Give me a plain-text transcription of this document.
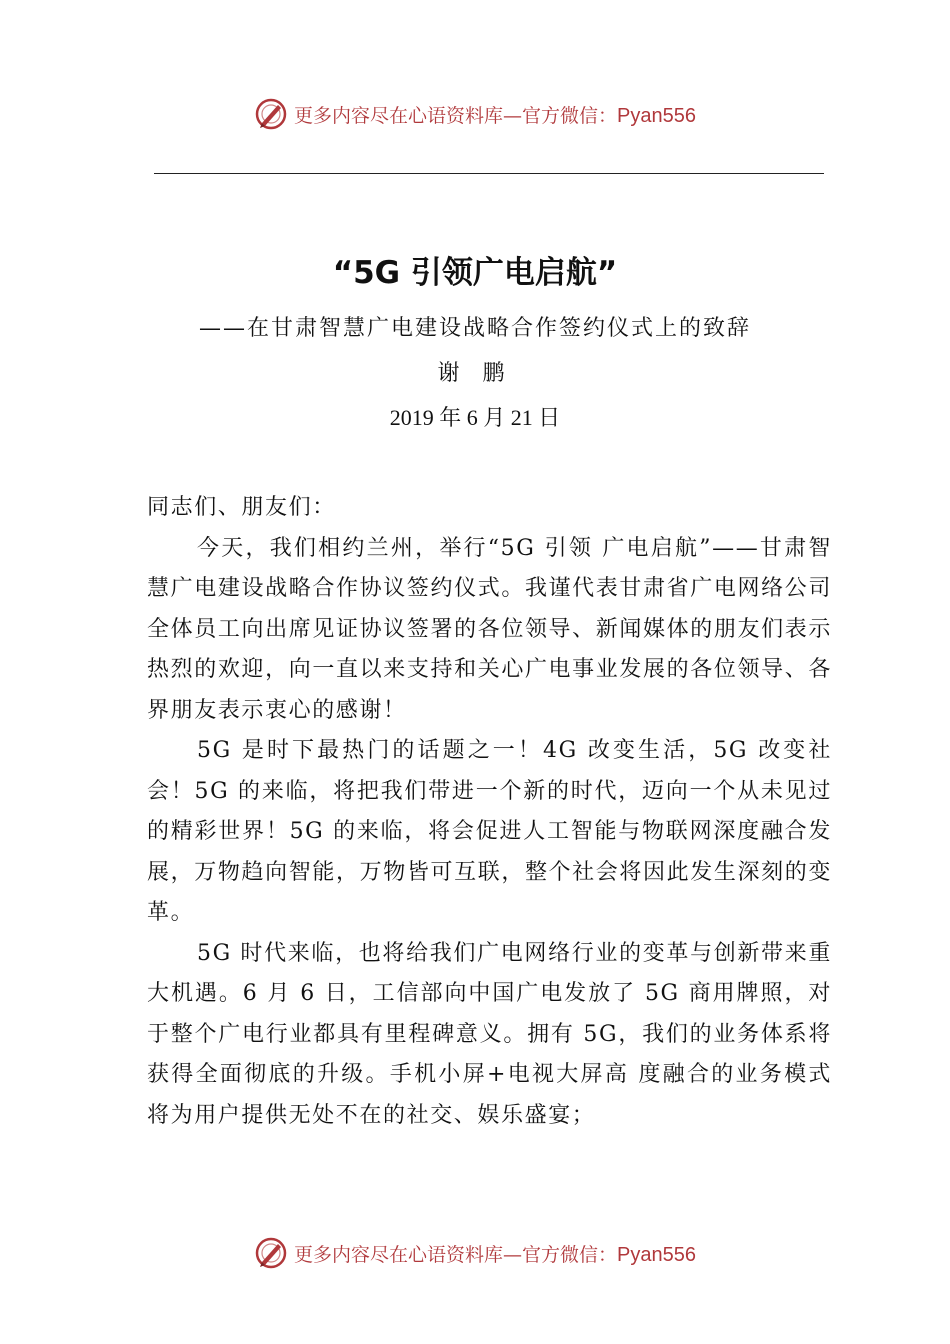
更多内容尽在心语资料库—官方微信：Pyan556
“5G 引领广电启航”
——在甘肃智慧广电建设战略合作签约仪式上的致辞
谢 鹏
2019 年 6 月 21 日

同志们、朋友们：

今天，我们相约兰州，举行“5G 引领 广电启航”——甘肃智慧广电建设战略合作协议签约仪式。我谨代表甘肃省广电网络公司全体员工向出席见证协议签署的各位领导、新闻媒体的朋友们表示热烈的欢迎，向一直以来支持和关心广电事业发展的各位领导、各界朋友表示衷心的感谢！

5G 是时下最热门的话题之一！4G 改变生活，5G 改变社会！5G 的来临，将把我们带进一个新的时代，迈向一个从未见过的精彩世界！5G 的来临，将会促进人工智能与物联网深度融合发展，万物趋向智能，万物皆可互联，整个社会将因此发生深刻的变革。

5G 时代来临，也将给我们广电网络行业的变革与创新带来重大机遇。6 月 6 日，工信部向中国广电发放了 5G 商用牌照，对于整个广电行业都具有里程碑意义。拥有 5G，我们的业务体系将获得全面彻底的升级。手机小屏+电视大屏高 度融合的业务模式将为用户提供无处不在的社交、娱乐盛宴；

更多内容尽在心语资料库—官方微信：Pyan556
